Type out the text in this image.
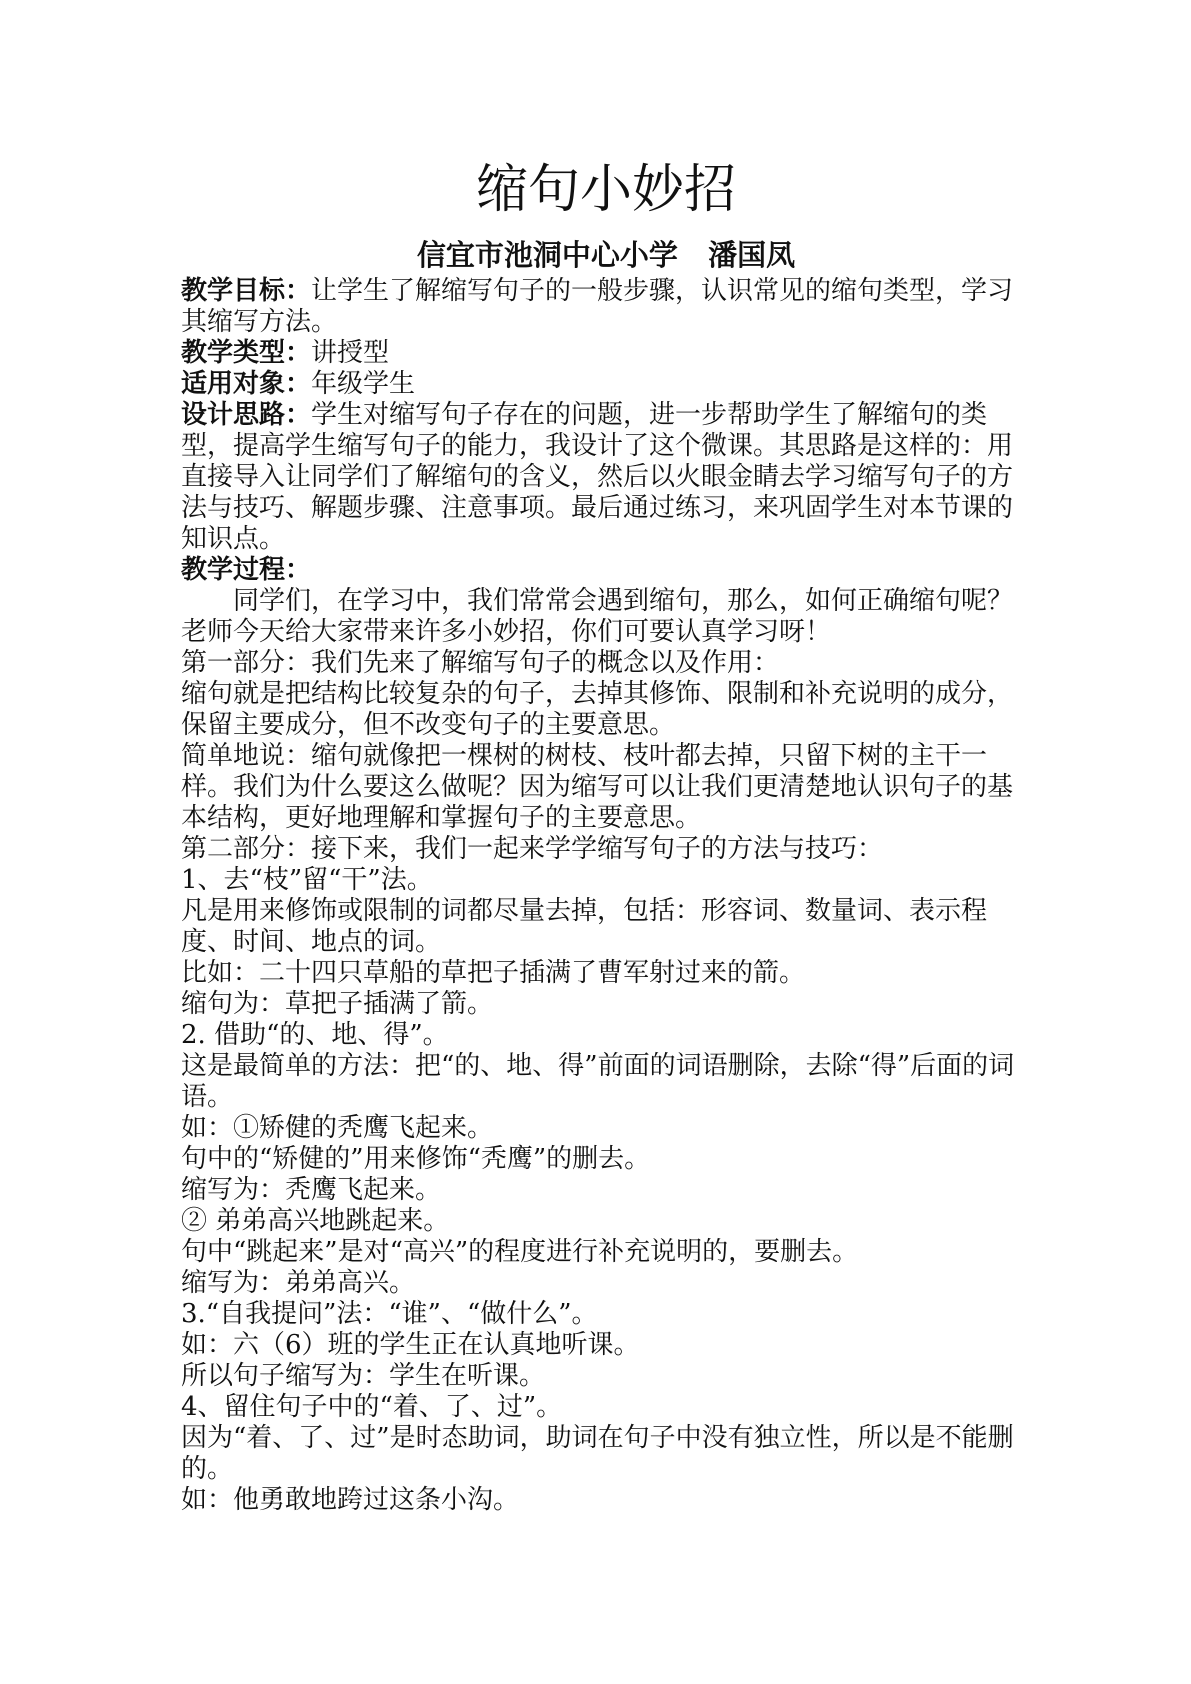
缩句小妙招
信宜市池洞中心小学   潘国凤

教学目标：让学生了解缩写句子的一般步骤，认识常见的缩句类型，学习其缩写方法。

教学类型：讲授型

适用对象：年级学生

设计思路：学生对缩写句子存在的问题，进一步帮助学生了解缩句的类型，提高学生缩写句子的能力，我设计了这个微课。其思路是这样的：用直接导入让同学们了解缩句的含义，然后以火眼金睛去学习缩写句子的方法与技巧、解题步骤、注意事项。最后通过练习，来巩固学生对本节课的知识点。

教学过程：

同学们，在学习中，我们常常会遇到缩句，那么，如何正确缩句呢？老师今天给大家带来许多小妙招，你们可要认真学习呀！

第一部分：我们先来了解缩写句子的概念以及作用：

缩句就是把结构比较复杂的句子，去掉其修饰、限制和补充说明的成分，保留主要成分，但不改变句子的主要意思。

简单地说：缩句就像把一棵树的树枝、枝叶都去掉，只留下树的主干一样。我们为什么要这么做呢？因为缩写可以让我们更清楚地认识句子的基本结构，更好地理解和掌握句子的主要意思。

第二部分：接下来，我们一起来学学缩写句子的方法与技巧：

1、去“枝”留“干”法。

凡是用来修饰或限制的词都尽量去掉，包括：形容词、数量词、表示程度、时间、地点的词。

比如：二十四只草船的草把子插满了曹军射过来的箭。

缩句为：草把子插满了箭。

2. 借助“的、地、得”。

这是最简单的方法：把“的、地、得”前面的词语删除，去除“得”后面的词语。

如：①矫健的秃鹰飞起来。

句中的“矫健的”用来修饰“秃鹰”的删去。

缩写为：秃鹰飞起来。

② 弟弟高兴地跳起来。

句中“跳起来”是对“高兴”的程度进行补充说明的，要删去。

缩写为：弟弟高兴。

3.“自我提问”法：“谁”、“做什么”。

如：六（6）班的学生正在认真地听课。

所以句子缩写为：学生在听课。

4、留住句子中的“着、了、过”。

因为“着、了、过”是时态助词，助词在句子中没有独立性，所以是不能删的。

如：他勇敢地跨过这条小沟。
